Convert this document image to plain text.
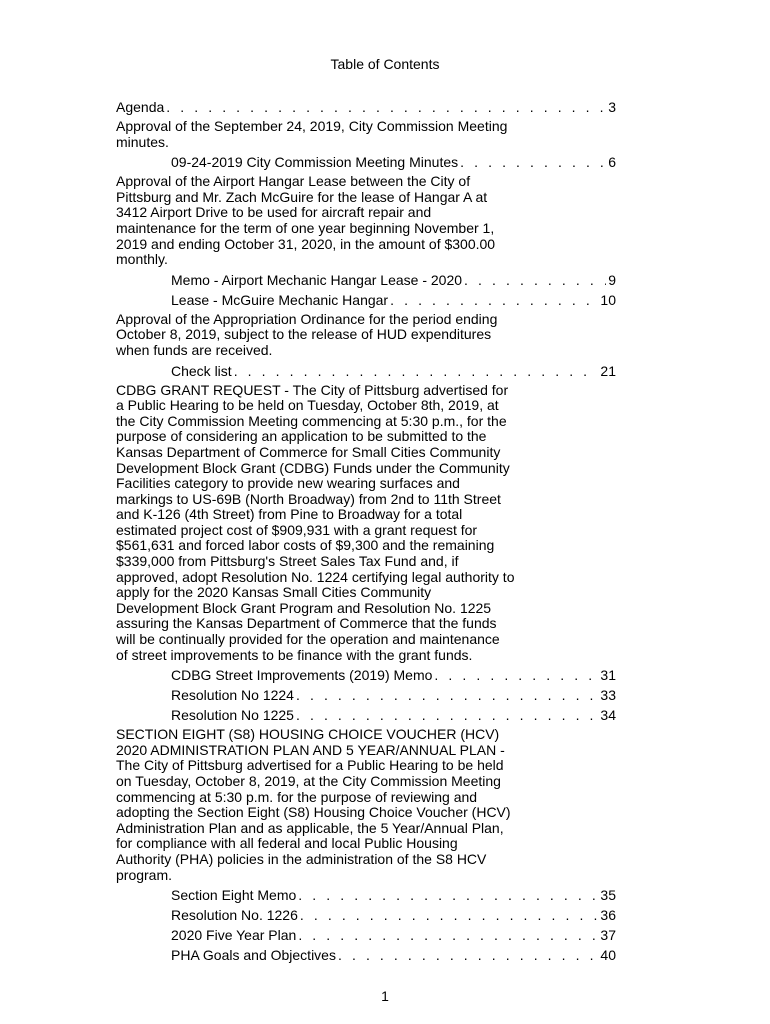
Table of Contents
Agenda . . .	3
Approval of the September 24, 2019, City Commission Meeting
minutes.
09-24-2019 City Commission Meeting Minutes . . .	6
Approval of the Airport Hangar Lease between the City of
Pittsburg and Mr. Zach McGuire for the lease of Hangar A at
3412 Airport Drive to be used for aircraft repair and
maintenance for the term of one year beginning November 1,
2019 and ending October 31, 2020, in the amount of $300.00
monthly.
Memo - Airport Mechanic Hangar Lease - 2020 . . .	9
Lease - McGuire Mechanic Hangar . . .	10
Approval of the Appropriation Ordinance for the period ending
October 8, 2019, subject to the release of HUD expenditures
when funds are received.
Check list . . .	21
CDBG GRANT REQUEST - The City of Pittsburg advertised for
a Public Hearing to be held on Tuesday, October 8th, 2019, at
the City Commission Meeting commencing at 5:30 p.m., for the
purpose of considering an application to be submitted to the
Kansas Department of Commerce for Small Cities Community
Development Block Grant (CDBG) Funds under the Community
Facilities category to provide new wearing surfaces and
markings to US-69B (North Broadway) from 2nd to 11th Street
and K-126 (4th Street) from Pine to Broadway for a total
estimated project cost of $909,931 with a grant request for
$561,631 and forced labor costs of $9,300 and the remaining
$339,000 from Pittsburg's Street Sales Tax Fund and, if
approved, adopt Resolution No. 1224 certifying legal authority to
apply for the 2020 Kansas Small Cities Community
Development Block Grant Program and Resolution No. 1225
assuring the Kansas Department of Commerce that the funds
will be continually provided for the operation and maintenance
of street improvements to be finance with the grant funds.
CDBG Street Improvements (2019) Memo . . .	31
Resolution No 1224 . . .	33
Resolution No 1225 . . .	34
SECTION EIGHT (S8) HOUSING CHOICE VOUCHER (HCV)
2020 ADMINISTRATION PLAN AND 5 YEAR/ANNUAL PLAN -
The City of Pittsburg advertised for a Public Hearing to be held
on Tuesday, October 8, 2019, at the City Commission Meeting
commencing at 5:30 p.m. for the purpose of reviewing and
adopting the Section Eight (S8) Housing Choice Voucher (HCV)
Administration Plan and as applicable, the 5 Year/Annual Plan,
for compliance with all federal and local Public Housing
Authority (PHA) policies in the administration of the S8 HCV
program.
Section Eight Memo . . .	35
Resolution No. 1226 . . .	36
2020 Five Year Plan . . .	37
PHA Goals and Objectives . . .	40
1
